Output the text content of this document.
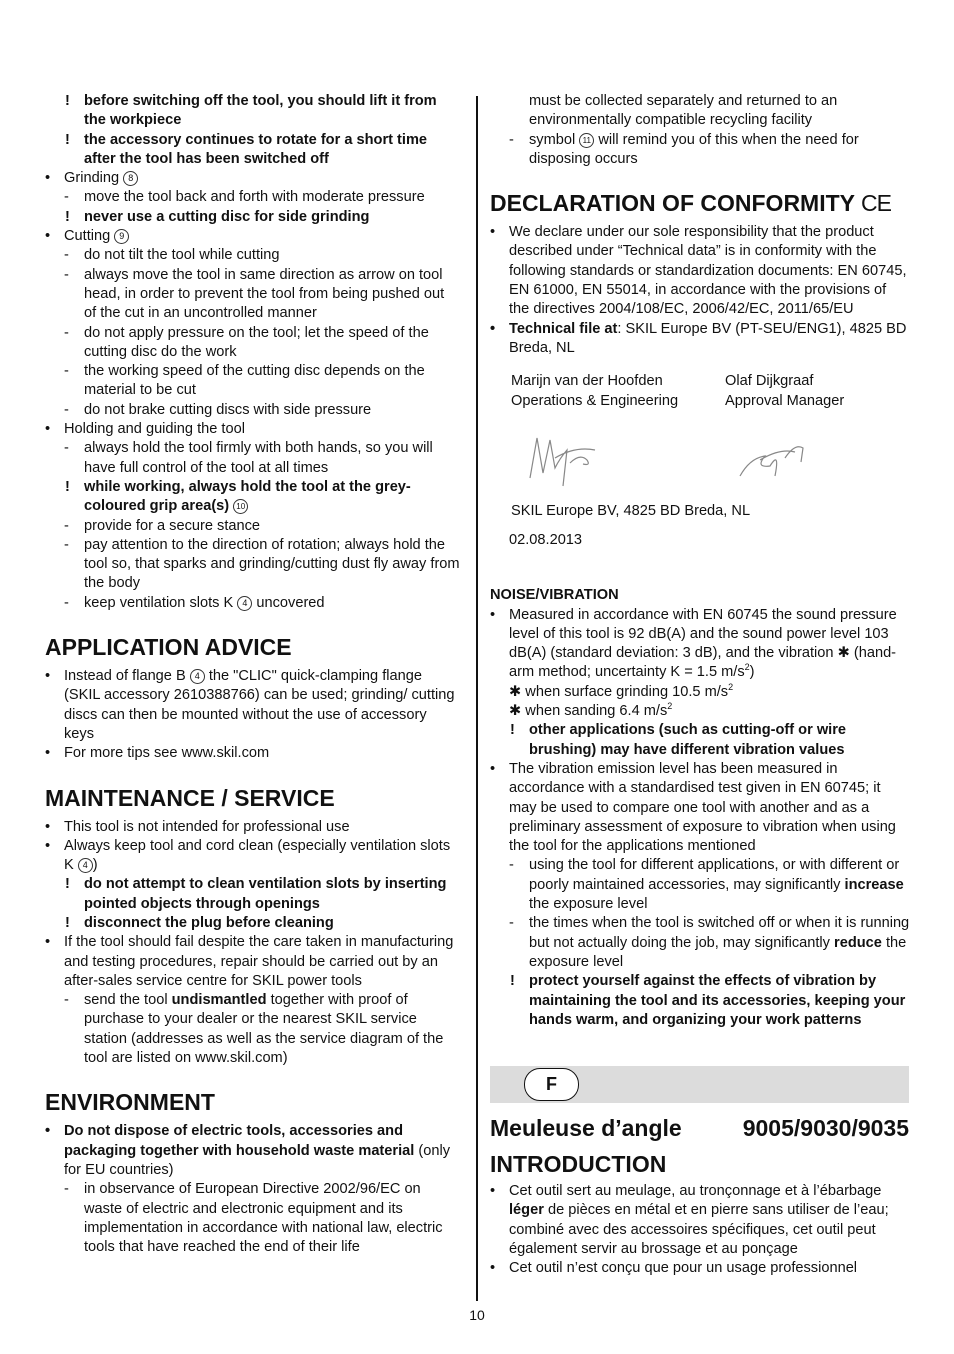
! before switching off the tool, you should lift it from the workpiece
! the accessory continues to rotate for a short time after the tool has been switched off
• Grinding 8
- move the tool back and forth with moderate pressure
! never use a cutting disc for side grinding
• Cutting 9
- do not tilt the tool while cutting
- always move the tool in same direction as arrow on tool head, in order to prevent the tool from being pushed out of the cut in an uncontrolled manner
- do not apply pressure on the tool; let the speed of the cutting disc do the work
- the working speed of the cutting disc depends on the material to be cut
- do not brake cutting discs with side pressure
• Holding and guiding the tool
- always hold the tool firmly with both hands, so you will have full control of the tool at all times
! while working, always hold the tool at the grey-coloured grip area(s) 10
- provide for a secure stance
- pay attention to the direction of rotation; always hold the tool so, that sparks and grinding/cutting dust fly away from the body
- keep ventilation slots K 4 uncovered
APPLICATION ADVICE
• Instead of flange B 4 the "CLIC" quick-clamping flange (SKIL accessory 2610388766) can be used; grinding/ cutting discs can then be mounted without the use of accessory keys
• For more tips see www.skil.com
MAINTENANCE / SERVICE
• This tool is not intended for professional use
• Always keep tool and cord clean (especially ventilation slots K 4 )
! do not attempt to clean ventilation slots by inserting pointed objects through openings
! disconnect the plug before cleaning
• If the tool should fail despite the care taken in manufacturing and testing procedures, repair should be carried out by an after-sales service centre for SKIL power tools
- send the tool undismantled together with proof of purchase to your dealer or the nearest SKIL service station (addresses as well as the service diagram of the tool are listed on www.skil.com)
ENVIRONMENT
• Do not dispose of electric tools, accessories and packaging together with household waste material (only for EU countries)
- in observance of European Directive 2002/96/EC on waste of electric and electronic equipment and its implementation in accordance with national law, electric tools that have reached the end of their life
must be collected separately and returned to an environmentally compatible recycling facility
- symbol 11 will remind you of this when the need for disposing occurs
DECLARATION OF CONFORMITY CE
• We declare under our sole responsibility that the product described under “Technical data” is in conformity with the following standards or standardization documents: EN 60745, EN 61000, EN 55014, in accordance with the provisions of the directives 2004/108/EC, 2006/42/EC, 2011/65/EU
• Technical file at: SKIL Europe BV (PT-SEU/ENG1), 4825 BD Breda, NL
Marijn van der Hoofden
Operations & Engineering
Olaf Dijkgraaf
Approval Manager
SKIL Europe BV, 4825 BD Breda, NL
02.08.2013
NOISE/VIBRATION
• Measured in accordance with EN 60745 the sound pressure level of this tool is 92 dB(A) and the sound power level 103 dB(A) (standard deviation: 3 dB), and the vibration ✱ (hand-arm method; uncertainty K = 1.5 $m/s^2$)
✱ when surface grinding 10.5 $m/s^2$
✱ when sanding 6.4 $m/s^2$
! other applications (such as cutting-off or wire brushing) may have different vibration values
• The vibration emission level has been measured in accordance with a standardised test given in EN 60745; it may be used to compare one tool with another and as a preliminary assessment of exposure to vibration when using the tool for the applications mentioned
- using the tool for different applications, or with different or poorly maintained accessories, may significantly increase the exposure level
- the times when the tool is switched off or when it is running but not actually doing the job, may significantly reduce the exposure level
! protect yourself against the effects of vibration by maintaining the tool and its accessories, keeping your hands warm, and organizing your work patterns
F
Meuleuse d’angle	9005/9030/9035
INTRODUCTION
• Cet outil sert au meulage, au tronçonnage et à l’ébarbage léger de pièces en métal et en pierre sans utiliser de l’eau; combiné avec des accessoires spécifiques, cet outil peut également servir au brossage et au ponçage
• Cet outil n’est conçu que pour un usage professionnel
10
